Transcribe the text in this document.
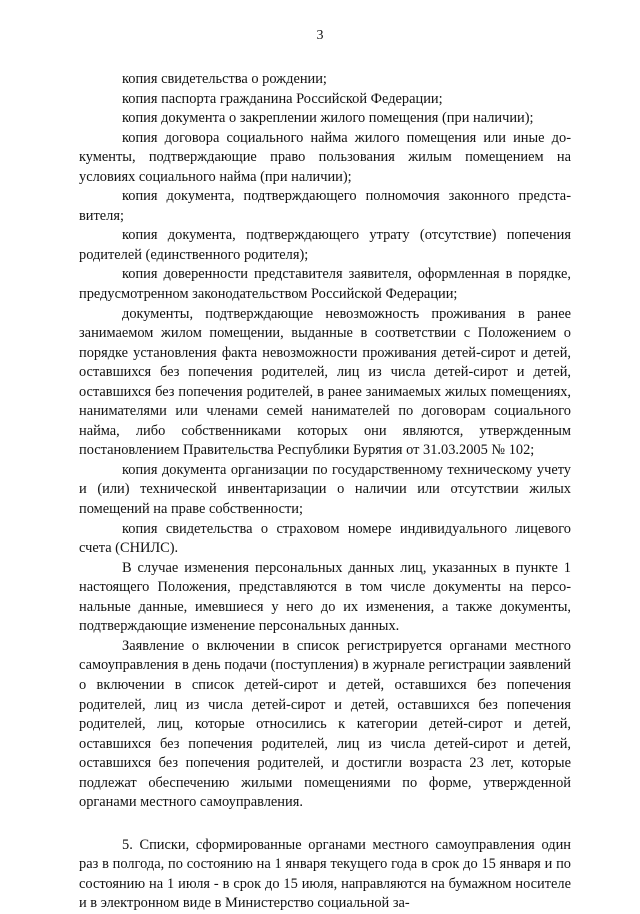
3

копия свидетельства о рождении;

копия паспорта гражданина Российской Федерации;

копия документа о закреплении жилого помещения (при наличии);

копия договора социального найма жилого помещения или иные документы, подтверждающие право пользования жилым помещением на условиях социального найма (при наличии);

копия документа, подтверждающего полномочия законного представителя;

копия документа, подтверждающего утрату (отсутствие) попечения родителей (единственного родителя);

копия доверенности представителя заявителя, оформленная в порядке, предусмотренном законодательством Российской Федерации;

документы, подтверждающие невозможность проживания в ранее занимаемом жилом помещении, выданные в соответствии с Положением о порядке установления факта невозможности проживания детей-сирот и детей, оставшихся без попечения родителей, лиц из числа детей-сирот и детей, оставшихся без попечения родителей, в ранее занимаемых жилых помещениях, нанимателями или членами семей нанимателей по договорам социального найма, либо собственниками которых они являются, утвержденным постановлением Правительства Республики Бурятия от 31.03.2005 № 102;

копия документа организации по государственному техническому учету и (или) технической инвентаризации о наличии или отсутствии жилых помещений на праве собственности;

копия свидетельства о страховом номере индивидуального лицевого счета (СНИЛС).

В случае изменения персональных данных лиц, указанных в пункте 1 настоящего Положения, представляются в том числе документы на персональные данные, имевшиеся у него до их изменения, а также документы, подтверждающие изменение персональных данных.

Заявление о включении в список регистрируется органами местного самоуправления в день подачи (поступления) в журнале регистрации заявлений о включении в список детей-сирот и детей, оставшихся без попечения родителей, лиц из числа детей-сирот и детей, оставшихся без попечения родителей, лиц, которые относились к категории детей-сирот и детей, оставшихся без попечения родителей, лиц из числа детей-сирот и детей, оставшихся без попечения родителей, и достигли возраста 23 лет, которые подлежат обеспечению жилыми помещениями по форме, утвержденной органами местного самоуправления.

5. Списки, сформированные органами местного самоуправления один раз в полгода, по состоянию на 1 января текущего года в срок до 15 января и по состоянию на 1 июля - в срок до 15 июля, направляются на бумажном носителе и в электронном виде в Министерство социальной за-
